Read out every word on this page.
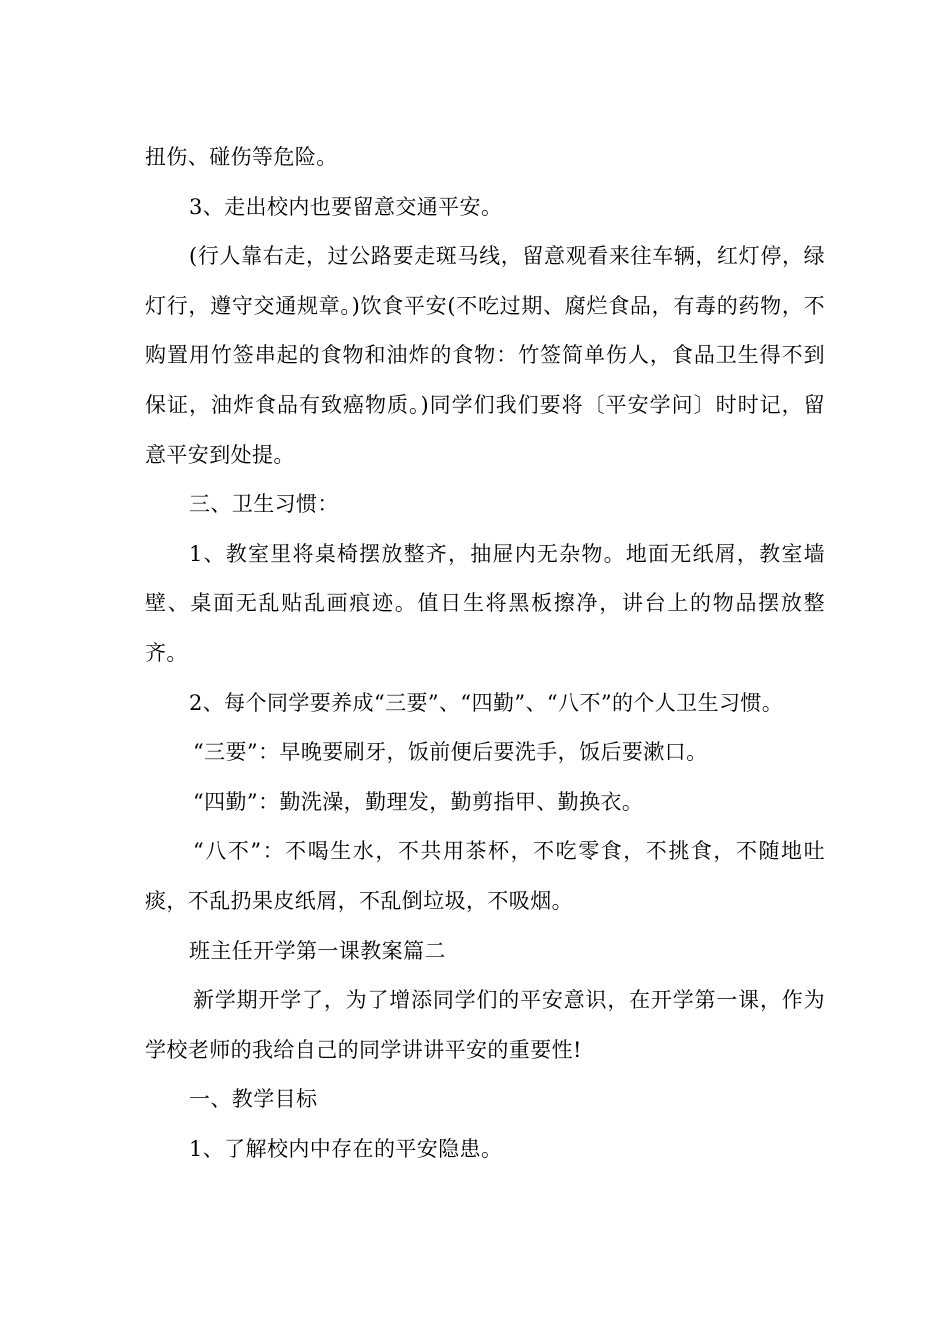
扭伤、碰伤等危险。

3、走出校内也要留意交通平安。

(行人靠右走，过公路要走斑马线，留意观看来往车辆，红灯停，绿灯行，遵守交通规章。)饮食平安(不吃过期、腐烂食品，有毒的药物，不购置用竹签串起的食物和油炸的食物：竹签简单伤人，食品卫生得不到保证，油炸食品有致癌物质。)同学们我们要将〔平安学问〕时时记，留意平安到处提。

三、卫生习惯：

1、教室里将桌椅摆放整齐，抽屉内无杂物。地面无纸屑，教室墙壁、桌面无乱贴乱画痕迹。值日生将黑板擦净，讲台上的物品摆放整齐。

2、每个同学要养成“三要”、“四勤”、“八不”的个人卫生习惯。

“三要”：早晚要刷牙，饭前便后要洗手，饭后要漱口。

“四勤”：勤洗澡，勤理发，勤剪指甲、勤换衣。

“八不”：不喝生水，不共用茶杯，不吃零食，不挑食，不随地吐痰，不乱扔果皮纸屑，不乱倒垃圾，不吸烟。

班主任开学第一课教案篇二

新学期开学了，为了增添同学们的平安意识，在开学第一课，作为学校老师的我给自己的同学讲讲平安的重要性!

一、教学目标

1、了解校内中存在的平安隐患。
